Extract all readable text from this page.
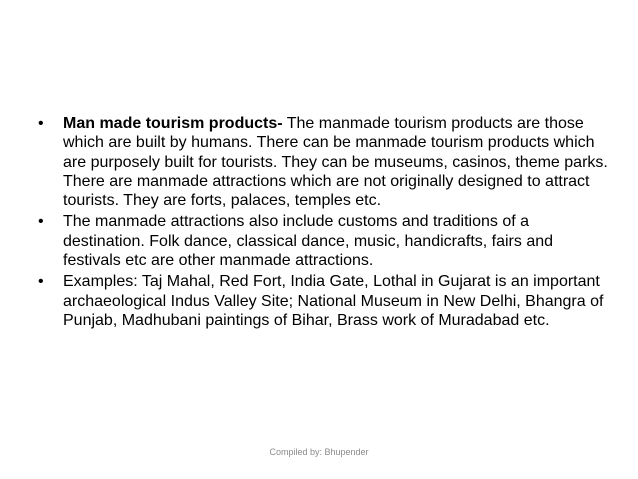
•	Man made tourism products- The manmade tourism products are those which are built by humans. There can be manmade tourism products which are purposely built for tourists. They can be museums, casinos, theme parks. There are manmade attractions which are not originally designed to attract tourists. They are forts, palaces, temples etc.
•	The manmade attractions also include customs and traditions of a destination. Folk dance, classical dance, music, handicrafts, fairs and festivals etc are other manmade attractions.
•	Examples: Taj Mahal, Red Fort, India Gate, Lothal in Gujarat is an important archaeological Indus Valley Site; National Museum in New Delhi, Bhangra of Punjab, Madhubani paintings of Bihar, Brass work of Muradabad etc.
Compiled by: Bhupender
